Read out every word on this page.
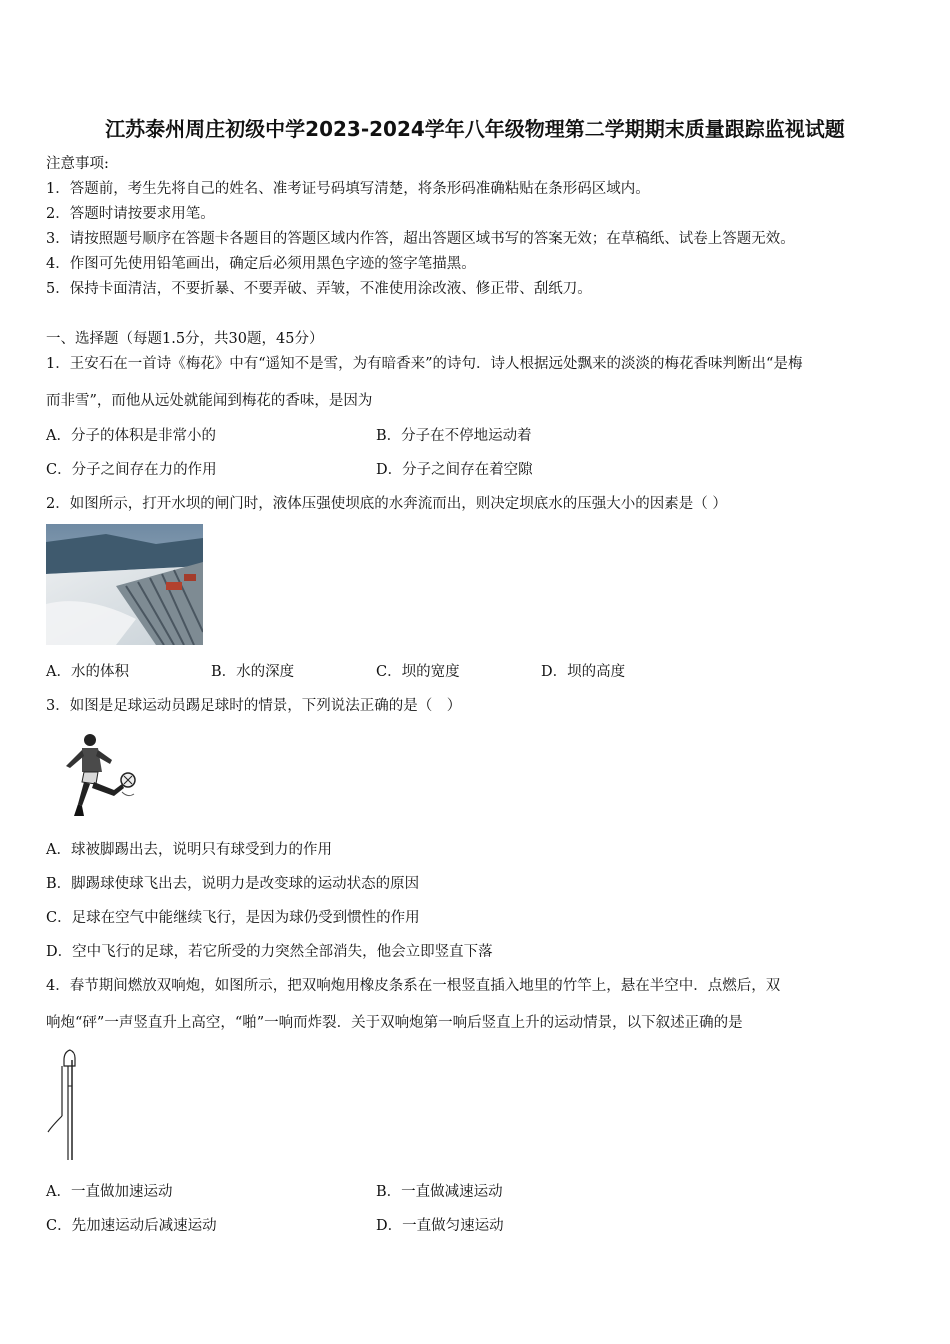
江苏泰州周庄初级中学2023-2024学年八年级物理第二学期期末质量跟踪监视试题
注意事项:
1．答题前，考生先将自己的姓名、准考证号码填写清楚，将条形码准确粘贴在条形码区域内。
2．答题时请按要求用笔。
3．请按照题号顺序在答题卡各题目的答题区域内作答，超出答题区域书写的答案无效；在草稿纸、试卷上答题无效。
4．作图可先使用铅笔画出，确定后必须用黑色字迹的签字笔描黑。
5．保持卡面清洁，不要折暴、不要弄破、弄皱，不准使用涂改液、修正带、刮纸刀。
一、选择题（每题1.5分，共30题，45分）
1．王安石在一首诗《梅花》中有“遥知不是雪，为有暗香来”的诗句．诗人根据远处飘来的淡淡的梅花香味判断出“是梅
而非雪”，而他从远处就能闻到梅花的香味，是因为
A．分子的体积是非常小的	B．分子在不停地运动着
C．分子之间存在力的作用	D．分子之间存在着空隙
2．如图所示，打开水坝的闸门时，液体压强使坝底的水奔流而出，则决定坝底水的压强大小的因素是（ ）
A．水的体积	B．水的深度	C．坝的宽度	D．坝的高度
3．如图是足球运动员踢足球时的情景，下列说法正确的是（　）
A．球被脚踢出去，说明只有球受到力的作用
B．脚踢球使球飞出去，说明力是改变球的运动状态的原因
C．足球在空气中能继续飞行，是因为球仍受到惯性的作用
D．空中飞行的足球，若它所受的力突然全部消失，他会立即竖直下落
4．春节期间燃放双响炮，如图所示，把双响炮用橡皮条系在一根竖直插入地里的竹竿上，悬在半空中．点燃后，双
响炮“砰”一声竖直升上高空，“啪”一响而炸裂．关于双响炮第一响后竖直上升的运动情景，以下叙述正确的是
A．一直做加速运动	B．一直做减速运动
C．先加速运动后减速运动	D．一直做匀速运动
